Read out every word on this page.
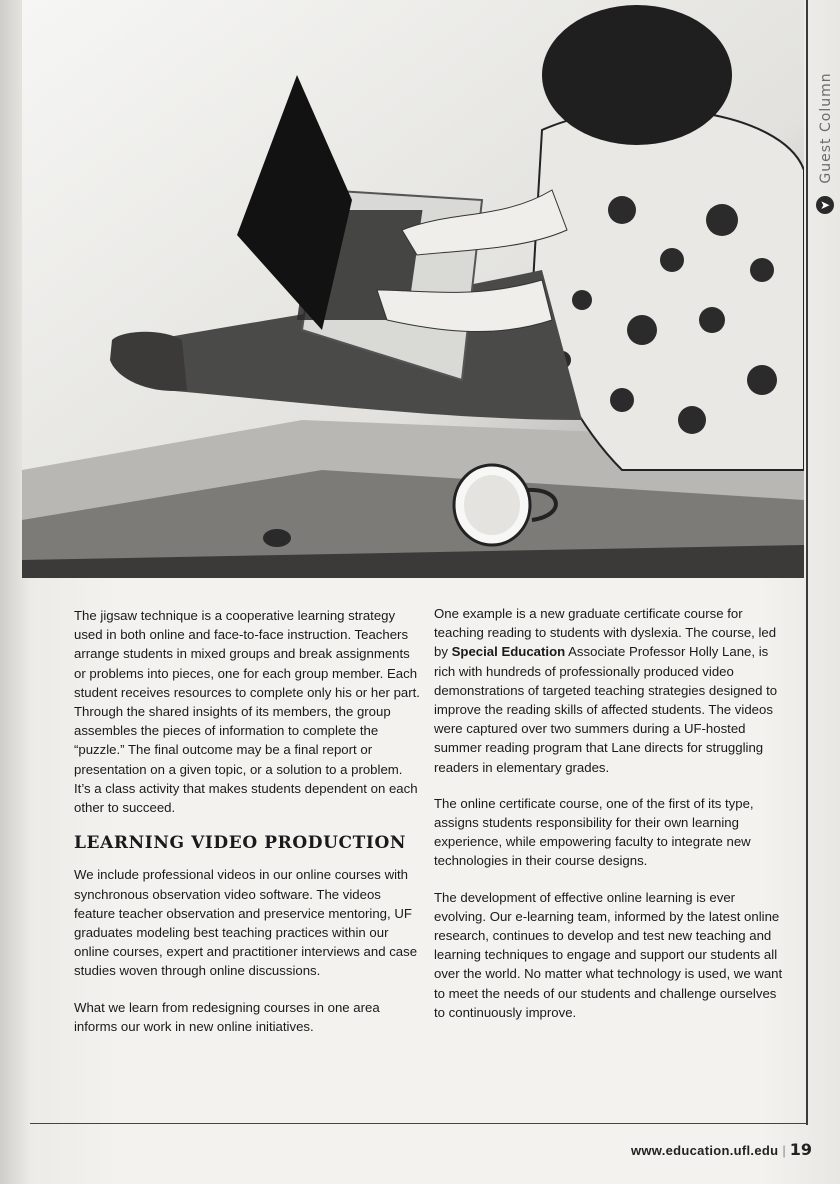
Guest Column
➤

The jigsaw technique is a cooperative learning strategy used in both online and face-to-face instruction. Teachers arrange students in mixed groups and break assignments or problems into pieces, one for each group member. Each student receives resources to complete only his or her part. Through the shared insights of its members, the group assembles the pieces of information to complete the “puzzle.” The final outcome may be a final report or presentation on a given topic, or a solution to a problem. It’s a class activity that makes students dependent on each other to succeed.

LEARNING VIDEO PRODUCTION

We include professional videos in our online courses with synchronous observation video software. The videos feature teacher observation and preservice mentoring, UF graduates modeling best teaching practices within our online courses, expert and practitioner interviews and case studies woven through online discussions.

What we learn from redesigning courses in one area informs our work in new online initiatives.

One example is a new graduate certificate course for teaching reading to students with dyslexia. The course, led by Special Education Associate Professor Holly Lane, is rich with hundreds of professionally produced video demonstrations of targeted teaching strategies designed to improve the reading skills of affected students. The videos were captured over two summers during a UF-hosted summer reading program that Lane directs for struggling readers in elementary grades.

The online certificate course, one of the first of its type, assigns students responsibility for their own learning experience, while empowering faculty to integrate new technologies in their course designs.

The development of effective online learning is ever evolving. Our e-learning team, informed by the latest online research, continues to develop and test new teaching and learning techniques to engage and support our students all over the world. No matter what technology is used, we want to meet the needs of our students and challenge ourselves to continuously improve.

www.education.ufl.edu | 19
